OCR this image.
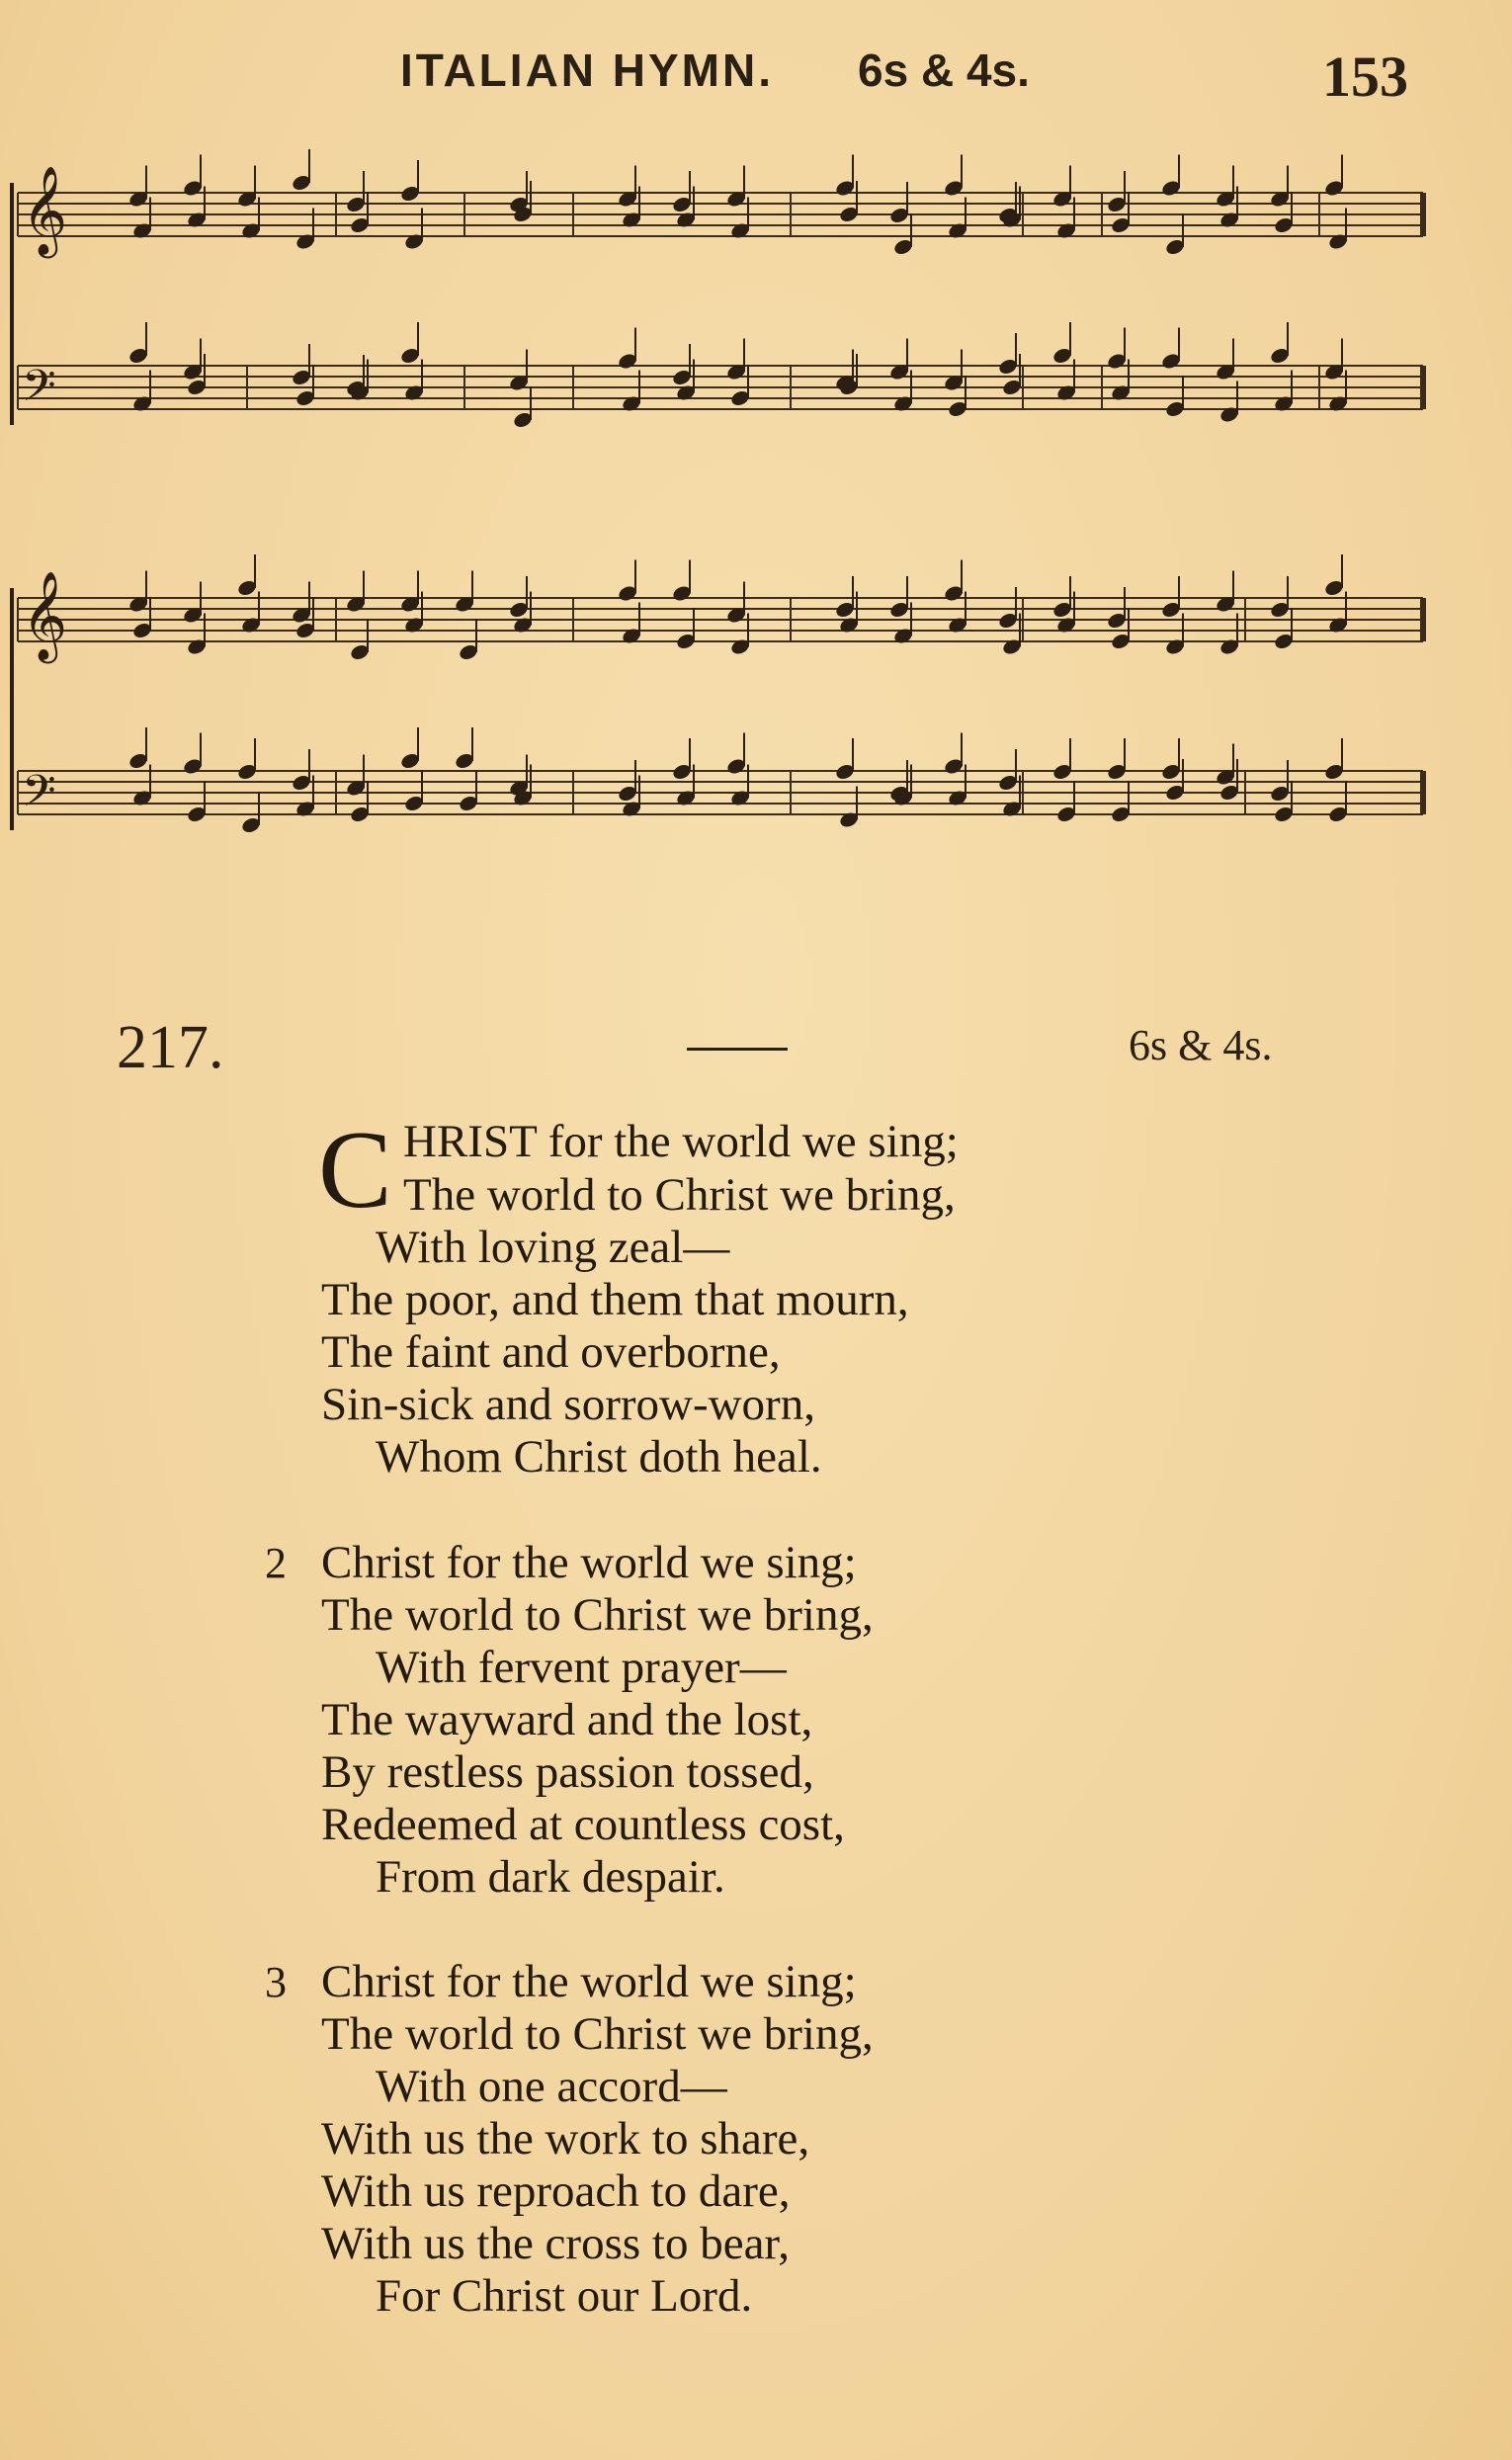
ITALIAN HYMN. 6s & 4s.	153
𝄞
𝄢
𝄞
𝄢
217.	6s & 4s.
C HRIST for the world we sing;
The world to Christ we bring,
With loving zeal—
The poor, and them that mourn,
The faint and overborne,
Sin-sick and sorrow-worn,
Whom Christ doth heal.
2 Christ for the world we sing;
The world to Christ we bring,
With fervent prayer—
The wayward and the lost,
By restless passion tossed,
Redeemed at countless cost,
From dark despair.
3 Christ for the world we sing;
The world to Christ we bring,
With one accord—
With us the work to share,
With us reproach to dare,
With us the cross to bear,
For Christ our Lord.
